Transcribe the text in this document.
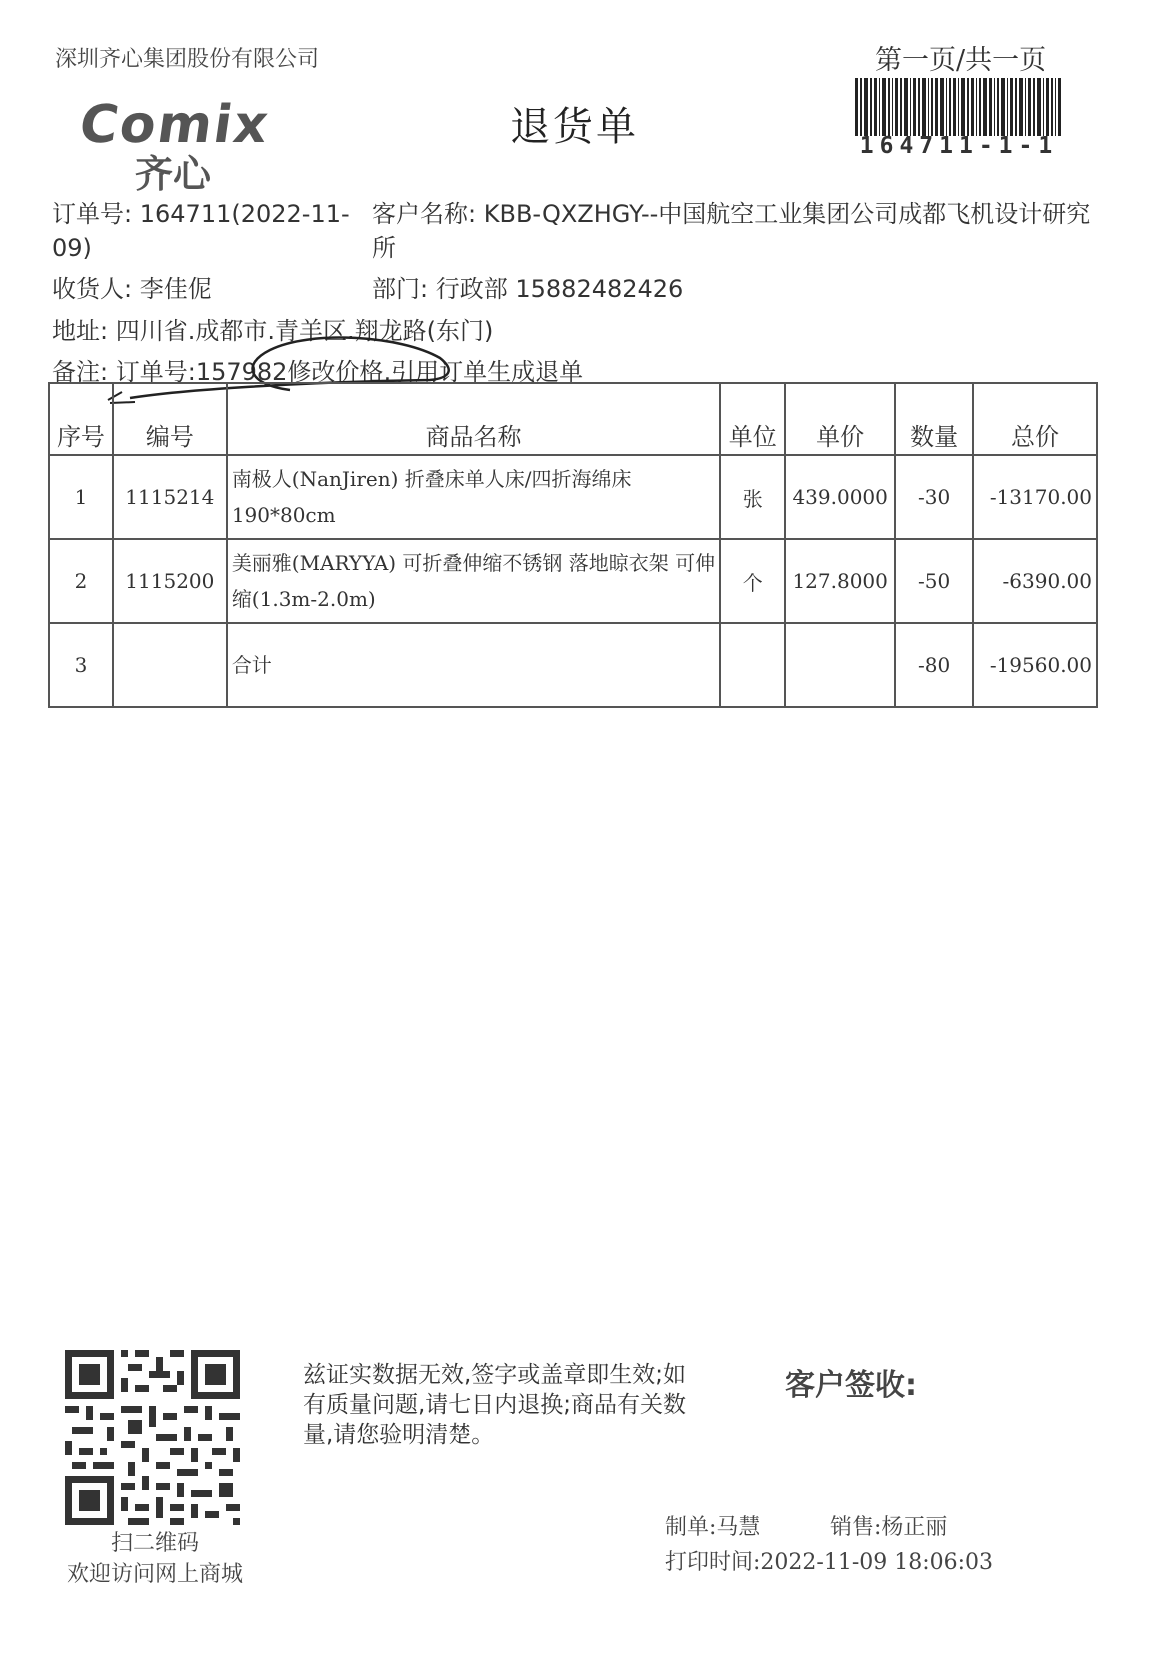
深圳齐心集团股份有限公司	第一页/共一页
Comix
齐心
退货单	164711-1-1
订单号: 164711(2022-11-09)
客户名称: KBB-QXZHGY--中国航空工业集团公司成都飞机设计研究所
收货人: 李佳伲	部门: 行政部 15882482426
地址: 四川省.成都市.青羊区.翔龙路(东门)
备注: 订单号:157982修改价格,引用订单生成退单
序号	编号	商品名称	单位	单价	数量	总价
1	1115214	南极人(NanJiren) 折叠床单人床/四折海绵床190*80cm	张	439.0000	-30	-13170.00
2	1115200	美丽雅(MARYYA) 可折叠伸缩不锈钢 落地晾衣架 可伸缩(1.3m-2.0m)	个	127.8000	-50	-6390.00
3		合计			-80	-19560.00
扫二维码
欢迎访问网上商城
兹证实数据无效,签字或盖章即生效;如有质量问题,请七日内退换;商品有关数量,请您验明清楚。
客户签收:
制单:马慧	销售:杨正丽
打印时间:2022-11-09 18:06:03
